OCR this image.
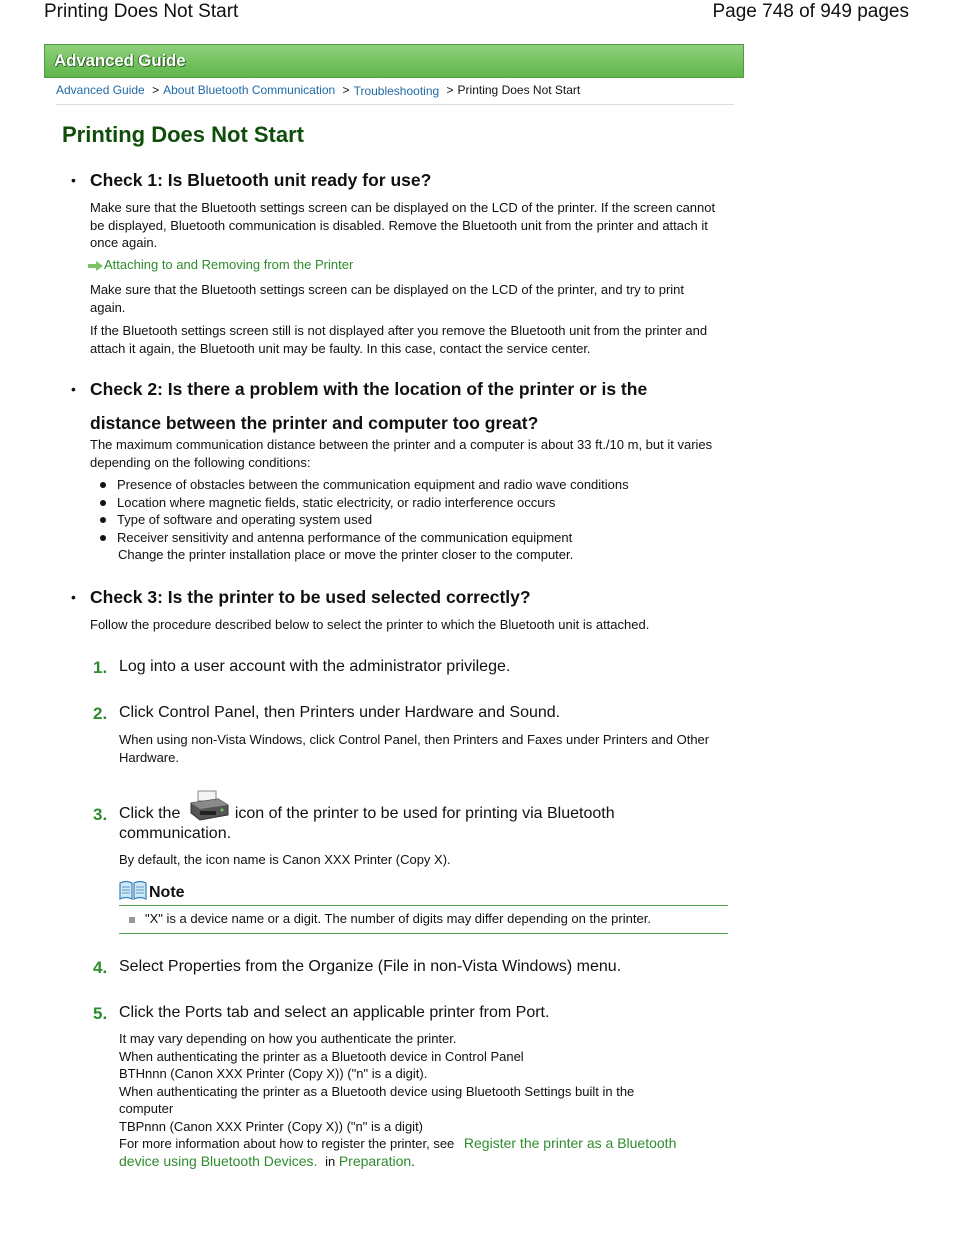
Printing Does Not Start	Page 748 of 949 pages
Advanced Guide
Advanced Guide > About Bluetooth Communication > Troubleshooting > Printing Does Not Start
Printing Does Not Start
• Check 1: Is Bluetooth unit ready for use?

Make sure that the Bluetooth settings screen can be displayed on the LCD of the printer. If the screen cannot be displayed, Bluetooth communication is disabled. Remove the Bluetooth unit from the printer and attach it once again.

Attaching to and Removing from the Printer

Make sure that the Bluetooth settings screen can be displayed on the LCD of the printer, and try to print again.

If the Bluetooth settings screen still is not displayed after you remove the Bluetooth unit from the printer and attach it again, the Bluetooth unit may be faulty. In this case, contact the service center.

• Check 2: Is there a problem with the location of the printer or is the
distance between the printer and computer too great?

The maximum communication distance between the printer and a computer is about 33 ft./10 m, but it varies depending on the following conditions:

Presence of obstacles between the communication equipment and radio wave conditions
Location where magnetic fields, static electricity, or radio interference occurs
Type of software and operating system used
Receiver sensitivity and antenna performance of the communication equipment
Change the printer installation place or move the printer closer to the computer.
• Check 3: Is the printer to be used selected correctly?

Follow the procedure described below to select the printer to which the Bluetooth unit is attached.

1. Log into a user account with the administrator privilege.
2. Click Control Panel, then Printers under Hardware and Sound.
When using non-Vista Windows, click Control Panel, then Printers and Faxes under Printers and Other Hardware.
3. Click the	icon of the printer to be used for printing via Bluetooth
communication.
By default, the icon name is Canon XXX Printer (Copy X).
Note
"X" is a device name or a digit. The number of digits may differ depending on the printer.
4. Select Properties from the Organize (File in non-Vista Windows) menu.
5. Click the Ports tab and select an applicable printer from Port.
It may vary depending on how you authenticate the printer.
When authenticating the printer as a Bluetooth device in Control Panel
BTHnnn (Canon XXX Printer (Copy X)) ("n" is a digit).
When authenticating the printer as a Bluetooth device using Bluetooth Settings built in the
computer
TBPnnn (Canon XXX Printer (Copy X)) ("n" is a digit)
For more information about how to register the printer, see Register the printer as a Bluetooth
device using Bluetooth Devices. in Preparation.
